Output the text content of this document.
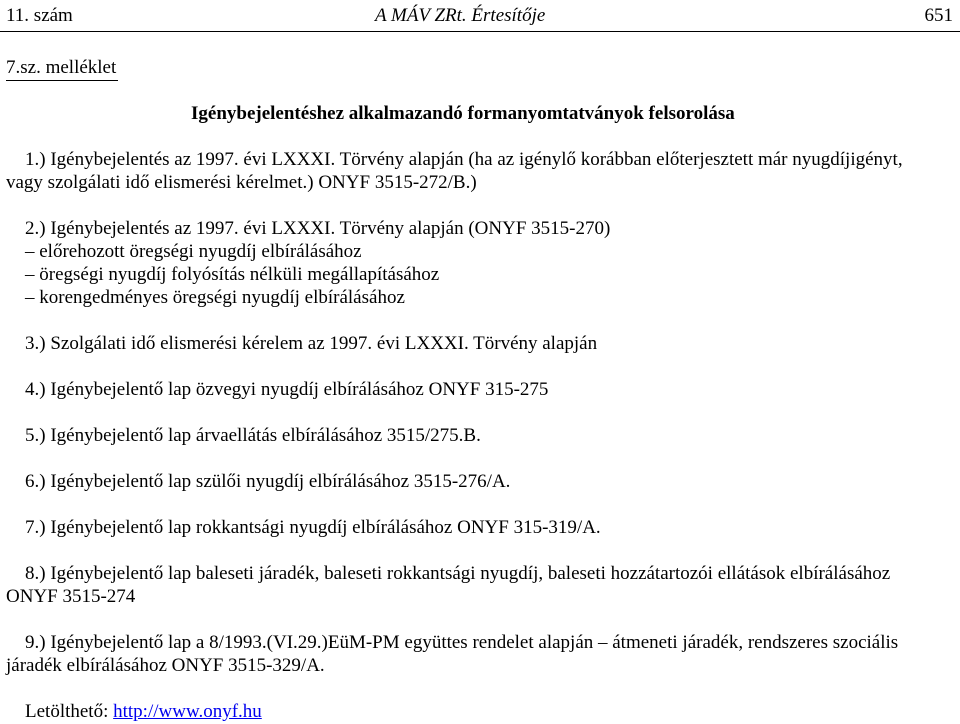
11. szám	A MÁV ZRt. Értesítője	651
7.sz. melléklet
Igénybejelentéshez alkalmazandó formanyomtatványok felsorolása
1.) Igénybejelentés az 1997. évi LXXXI. Törvény alapján (ha az igénylő korábban előterjesztett már nyugdíjigényt,
vagy szolgálati idő elismerési kérelmet.) ONYF 3515-272/B.)
2.) Igénybejelentés az 1997. évi LXXXI. Törvény alapján (ONYF 3515-270)
– előrehozott öregségi nyugdíj elbírálásához
– öregségi nyugdíj folyósítás nélküli megállapításához
– korengedményes öregségi nyugdíj elbírálásához
3.) Szolgálati idő elismerési kérelem az 1997. évi LXXXI. Törvény alapján
4.) Igénybejelentő lap özvegyi nyugdíj elbírálásához ONYF 315-275
5.) Igénybejelentő lap árvaellátás elbírálásához 3515/275.B.
6.) Igénybejelentő lap szülői nyugdíj elbírálásához 3515-276/A.
7.) Igénybejelentő lap rokkantsági nyugdíj elbírálásához ONYF 315-319/A.
8.) Igénybejelentő lap baleseti járadék, baleseti rokkantsági nyugdíj, baleseti hozzátartozói ellátások elbírálásához
ONYF 3515-274
9.) Igénybejelentő lap a 8/1993.(VI.29.)EüM-PM együttes rendelet alapján – átmeneti járadék, rendszeres szociális
járadék elbírálásához ONYF 3515-329/A.
Letölthető: http://www.onyf.hu
